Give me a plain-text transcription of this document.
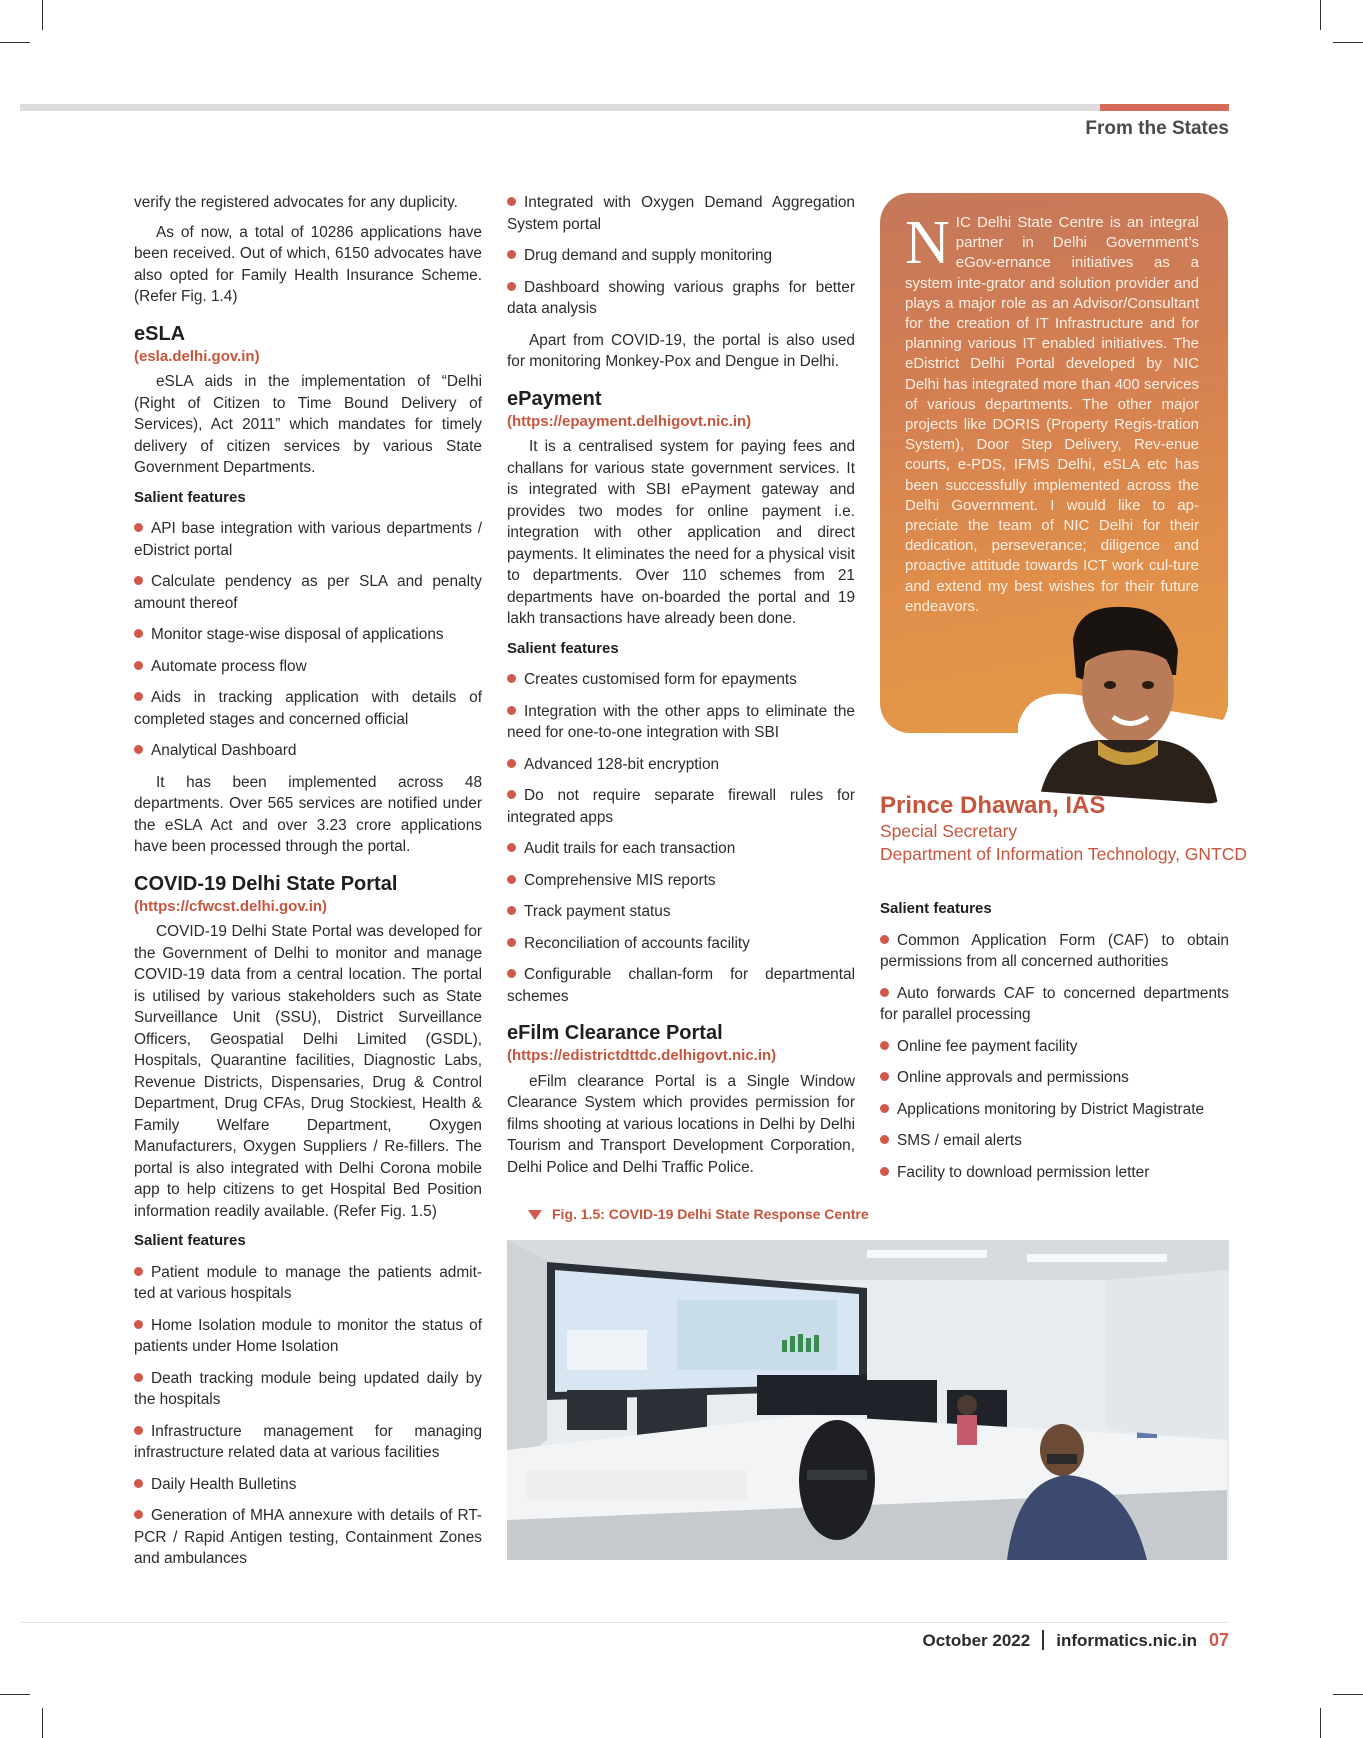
From the States

verify the registered advocates for any duplicity.

As of now, a total of 10286 applications have been received. Out of which, 6150 advocates have also opted for Family Health Insurance Scheme. (Refer Fig. 1.4)

eSLA
(esla.delhi.gov.in)

eSLA aids in the implementation of “Delhi (Right of Citizen to Time Bound Delivery of Services), Act 2011” which mandates for timely delivery of citizen services by various State Government Departments.

Salient features
API base integration with various departments / eDistrict portal
Calculate pendency as per SLA and penalty amount thereof
Monitor stage-wise disposal of applications
Automate process flow
Aids in tracking application with details of completed stages and concerned official
Analytical Dashboard

It has been implemented across 48 departments. Over 565 services are notified under the eSLA Act and over 3.23 crore applications have been processed through the portal.

COVID-19 Delhi State Portal
(https://cfwcst.delhi.gov.in)

COVID-19 Delhi State Portal was developed for the Government of Delhi to monitor and manage COVID-19 data from a central location. The portal is utilised by various stakeholders such as State Surveillance Unit (SSU), District Surveillance Officers, Geospatial Delhi Limited (GSDL), Hospitals, Quarantine facilities, Diagnostic Labs, Revenue Districts, Dispensaries, Drug & Control Department, Drug CFAs, Drug Stockiest, Health & Family Welfare Department, Oxygen Manufacturers, Oxygen Suppliers / Re-fillers. The portal is also integrated with Delhi Corona mobile app to help citizens to get Hospital Bed Position information readily available. (Refer Fig. 1.5)

Salient features
Patient module to manage the patients admit-ted at various hospitals
Home Isolation module to monitor the status of patients under Home Isolation
Death tracking module being updated daily by the hospitals
Infrastructure management for managing infrastructure related data at various facilities
Daily Health Bulletins
Generation of MHA annexure with details of RT-PCR / Rapid Antigen testing, Containment Zones and ambulances
Integrated with Oxygen Demand Aggregation System portal
Drug demand and supply monitoring
Dashboard showing various graphs for better data analysis

Apart from COVID-19, the portal is also used for monitoring Monkey-Pox and Dengue in Delhi.

ePayment
(https://epayment.delhigovt.nic.in)

It is a centralised system for paying fees and challans for various state government services. It is integrated with SBI ePayment gateway and provides two modes for online payment i.e. integration with other application and direct payments. It eliminates the need for a physical visit to departments. Over 110 schemes from 21 departments have on-boarded the portal and 19 lakh transactions have already been done.

Salient features
Creates customised form for epayments
Integration with the other apps to eliminate the need for one-to-one integration with SBI
Advanced 128-bit encryption
Do not require separate firewall rules for integrated apps
Audit trails for each transaction
Comprehensive MIS reports
Track payment status
Reconciliation of accounts facility
Configurable challan-form for departmental schemes
eFilm Clearance Portal
(https://edistrictdttdc.delhigovt.nic.in)

eFilm clearance Portal is a Single Window Clearance System which provides permission for films shooting at various locations in Delhi by Delhi Tourism and Transport Development Corporation, Delhi Police and Delhi Traffic Police.

NIC Delhi State Centre is an integral partner in Delhi Government’s eGov-ernance initiatives as a system inte-grator and solution provider and plays a major role as an Advisor/Consultant for the creation of IT Infrastructure and for planning various IT enabled initiatives. The eDistrict Delhi Portal developed by NIC Delhi has integrated more than 400 services of various departments. The other major projects like DORIS (Property Regis-tration System), Door Step Delivery, Rev-enue courts, e-PDS, IFMS Delhi, eSLA etc has been successfully implemented across the Delhi Government. I would like to ap-preciate the team of NIC Delhi for their dedication, perseverance; diligence and proactive attitude towards ICT work cul-ture and extend my best wishes for their future endeavors.
Prince Dhawan, IAS
Special Secretary
Department of Information Technology, GNTCD
Salient features
Common Application Form (CAF) to obtain permissions from all concerned authorities
Auto forwards CAF to concerned departments for parallel processing
Online fee payment facility
Online approvals and permissions
Applications monitoring by District Magistrate
SMS / email alerts
Facility to download permission letter
Fig. 1.5: COVID-19 Delhi State Response Centre
October 2022 informatics.nic.in 07
